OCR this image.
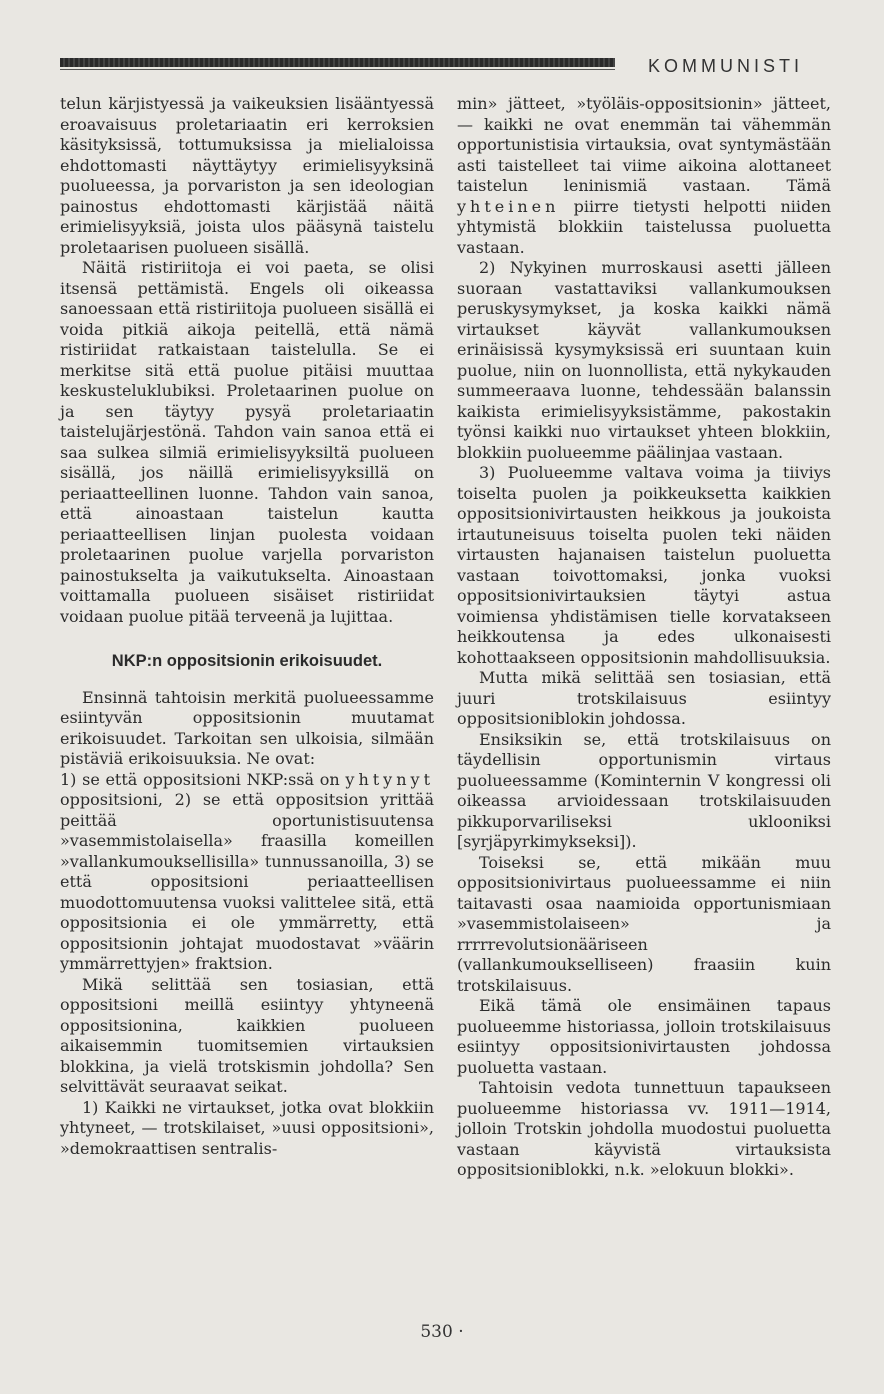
KOMMUNISTI

telun kärjistyessä ja vaikeuksien lisääntyessä eroavaisuus proletariaatin eri kerroksien käsityksissä, tottumuksissa ja mielialoissa ehdottomasti näyttäytyy erimielisyyksinä puolueessa, ja porvariston ja sen ideologian painostus ehdottomasti kärjistää näitä erimielisyyksiä, joista ulos pääsynä taistelu proletaarisen puolueen sisällä.

Näitä ristiriitoja ei voi paeta, se olisi itsensä pettämistä. Engels oli oikeassa sanoessaan että ristiriitoja puolueen sisällä ei voida pitkiä aikoja peitellä, että nämä ristiriidat ratkaistaan taistelulla. Se ei merkitse sitä että puolue pitäisi muuttaa keskusteluklubiksi. Proletaarinen puolue on ja sen täytyy pysyä proletariaatin taistelujärjestönä. Tahdon vain sanoa että ei saa sulkea silmiä erimielisyyksiltä puolueen sisällä, jos näillä erimielisyyksillä on periaatteellinen luonne. Tahdon vain sanoa, että ainoastaan taistelun kautta periaatteellisen linjan puolesta voidaan proletaarinen puolue varjella porvariston painostukselta ja vaikutukselta. Ainoastaan voittamalla puolueen sisäiset ristiriidat voidaan puolue pitää terveenä ja lujittaa.

NKP:n oppositsionin erikoisuudet.

Ensinnä tahtoisin merkitä puolueessamme esiintyvän oppositsionin muutamat erikoisuudet. Tarkoitan sen ulkoisia, silmään pistäviä erikoisuuksia. Ne ovat:

1) se että oppositsioni NKP:ssä on yhtynyt oppositsioni, 2) se että oppositsion yrittää peittää oportunistisuutensa »vasemmistolaisella» fraasilla komeillen »vallankumouksellisilla» tunnussanoilla, 3) se että oppositsioni periaatteellisen muodottomuutensa vuoksi valittelee sitä, että oppositsionia ei ole ymmärretty, että oppositsionin johtajat muodostavat »väärin ymmärrettyjen» fraktsion.

Mikä selittää sen tosiasian, että oppositsioni meillä esiintyy yhtyneenä oppositsionina, kaikkien puolueen aikaisemmin tuomitsemien virtauksien blokkina, ja vielä trotskismin johdolla? Sen selvittävät seuraavat seikat.

1) Kaikki ne virtaukset, jotka ovat blokkiin yhtyneet, — trotskilaiset, »uusi oppositsioni», »demokraattisen sentralis-

min» jätteet, »työläis-oppositsionin» jätteet, — kaikki ne ovat enemmän tai vähemmän opportunistisia virtauksia, ovat syntymästään asti taistelleet tai viime aikoina alottaneet taistelun leninismiä vastaan. Tämä yhteinen piirre tietysti helpotti niiden yhtymistä blokkiin taistelussa puoluetta vastaan.

2) Nykyinen murroskausi asetti jälleen suoraan vastattaviksi vallankumouksen peruskysymykset, ja koska kaikki nämä virtaukset käyvät vallankumouksen erinäisissä kysymyksissä eri suuntaan kuin puolue, niin on luonnollista, että nykykauden summeeraava luonne, tehdessään balanssin kaikista erimielisyyksistämme, pakostakin työnsi kaikki nuo virtaukset yhteen blokkiin, blokkiin puolueemme päälinjaa vastaan.

3) Puolueemme valtava voima ja tiiviys toiselta puolen ja poikkeuksetta kaikkien oppositsionivirtausten heikkous ja joukoista irtautuneisuus toiselta puolen teki näiden virtausten hajanaisen taistelun puoluetta vastaan toivottomaksi, jonka vuoksi oppositsionivirtauksien täytyi astua voimiensa yhdistämisen tielle korvatakseen heikkoutensa ja edes ulkonaisesti kohottaakseen oppositsionin mahdollisuuksia.

Mutta mikä selittää sen tosiasian, että juuri trotskilaisuus esiintyy oppositsioniblokin johdossa.

Ensiksikin se, että trotskilaisuus on täydellisin opportunismin virtaus puolueessamme (Kominternin V kongressi oli oikeassa arvioidessaan trotskilaisuuden pikkuporvariliseksi uklooniksi [syrjäpyrkimykseksi]).

Toiseksi se, että mikään muu oppositsionivirtaus puolueessamme ei niin taitavasti osaa naamioida opportunismiaan »vasemmistolaiseen» ja rrrrrevolutsionääriseen (vallankumoukselliseen) fraasiin kuin trotskilaisuus.

Eikä tämä ole ensimäinen tapaus puolueemme historiassa, jolloin trotskilaisuus esiintyy oppositsionivirtausten johdossa puoluetta vastaan.

Tahtoisin vedota tunnettuun tapaukseen puolueemme historiassa vv. 1911—1914, jolloin Trotskin johdolla muodostui puoluetta vastaan käyvistä virtauksista oppositsioniblokki, n.k. »elokuun blokki».

530 ·
